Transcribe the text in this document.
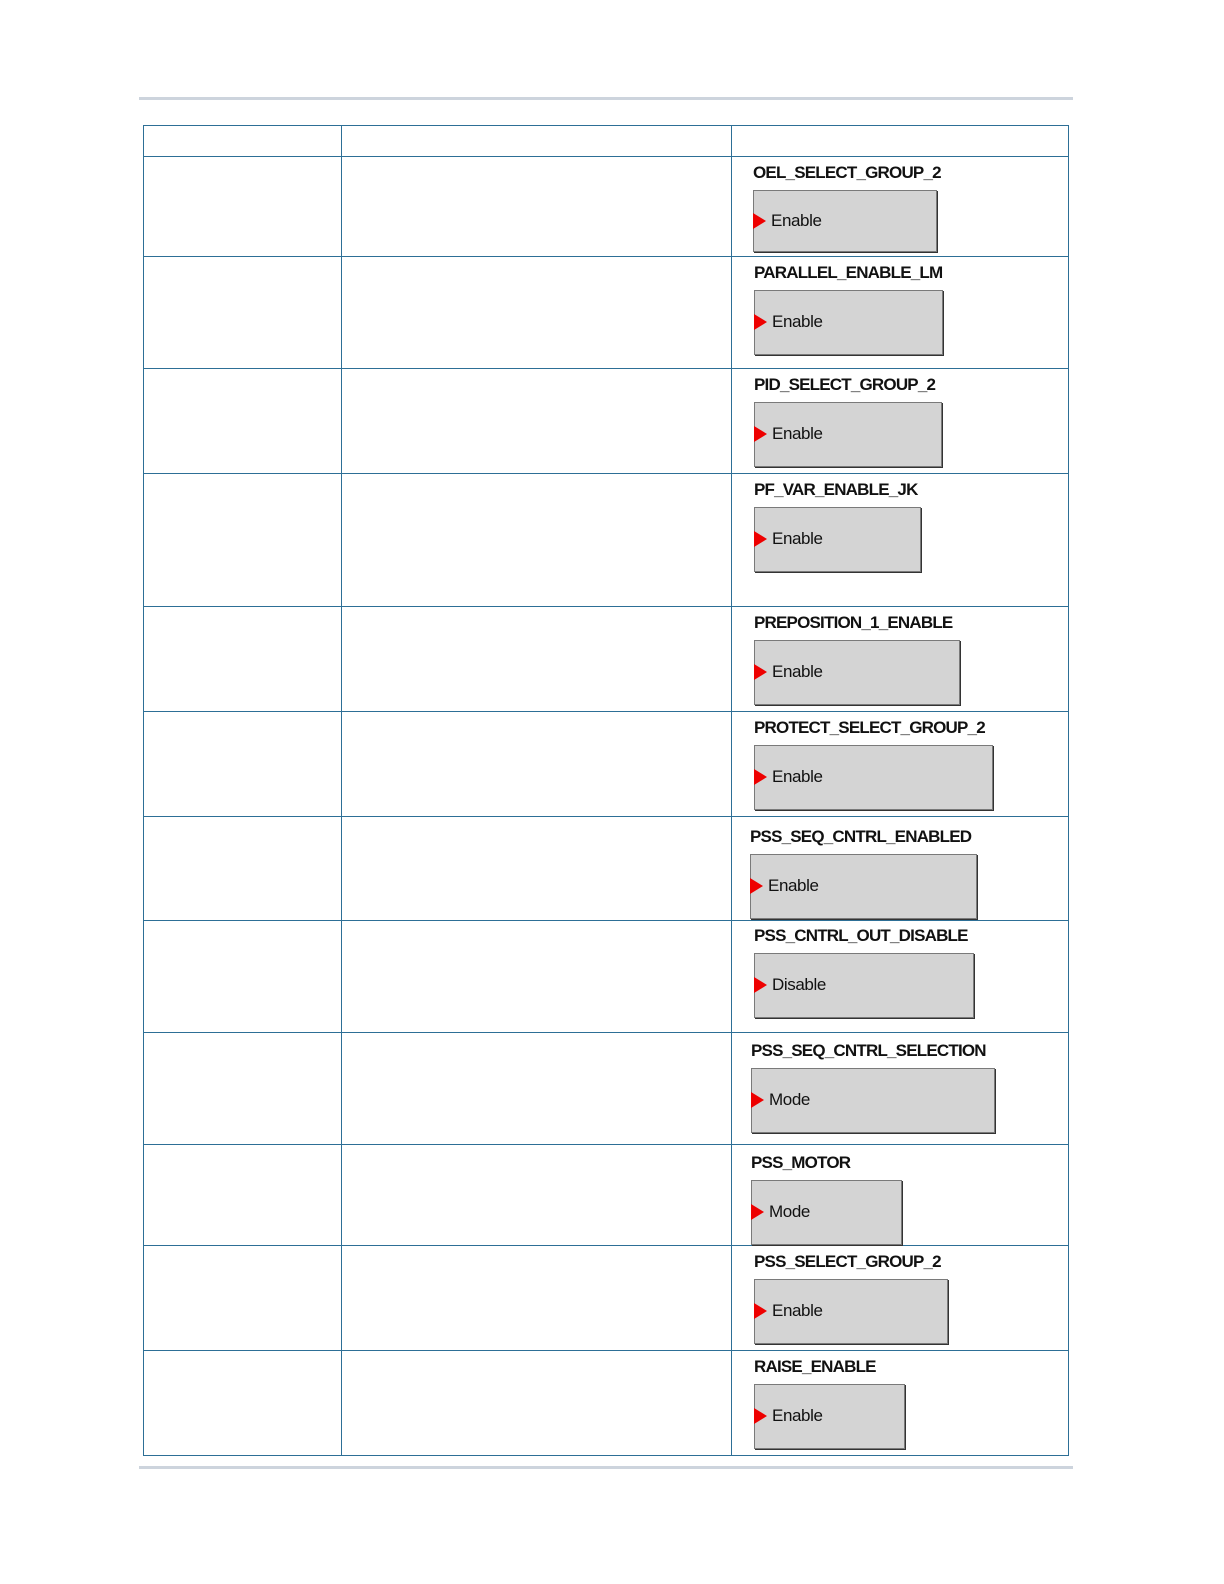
		OEL_SELECT_GROUP_2
Enable

		PARALLEL_ENABLE_LM
Enable

		PID_SELECT_GROUP_2
Enable

		PF_VAR_ENABLE_JK
Enable

		PREPOSITION_1_ENABLE
Enable

		PROTECT_SELECT_GROUP_2
Enable

		PSS_SEQ_CNTRL_ENABLED
Enable

		PSS_CNTRL_OUT_DISABLE
Disable

		PSS_SEQ_CNTRL_SELECTION
Mode

		PSS_MOTOR
Mode

		PSS_SELECT_GROUP_2
Enable

		RAISE_ENABLE
Enable
